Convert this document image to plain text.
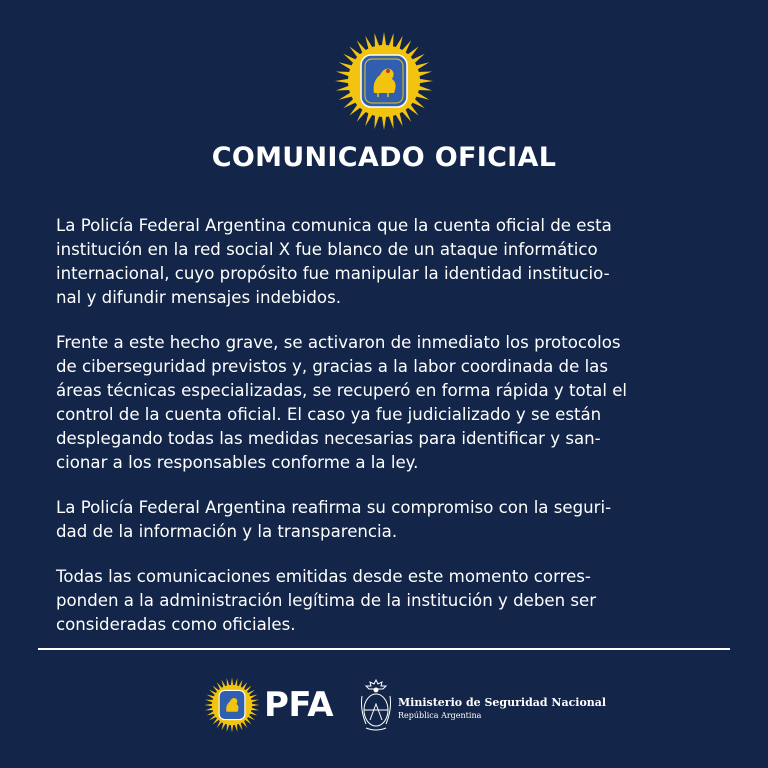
COMUNICADO OFICIAL

La Policía Federal Argentina comunica que la cuenta oficial de esta
institución en la red social X fue blanco de un ataque informático
internacional, cuyo propósito fue manipular la identidad institucio-
nal y difundir mensajes indebidos.

Frente a este hecho grave, se activaron de inmediato los protocolos
de ciberseguridad previstos y, gracias a la labor coordinada de las
áreas técnicas especializadas, se recuperó en forma rápida y total el
control de la cuenta oficial. El caso ya fue judicializado y se están
desplegando todas las medidas necesarias para identificar y san-
cionar a los responsables conforme a la ley.

La Policía Federal Argentina reafirma su compromiso con la seguri-
dad de la información y la transparencia.

Todas las comunicaciones emitidas desde este momento corres-
ponden a la administración legítima de la institución y deben ser
consideradas como oficiales.

PFA	Ministerio de Seguridad Nacional
República Argentina
